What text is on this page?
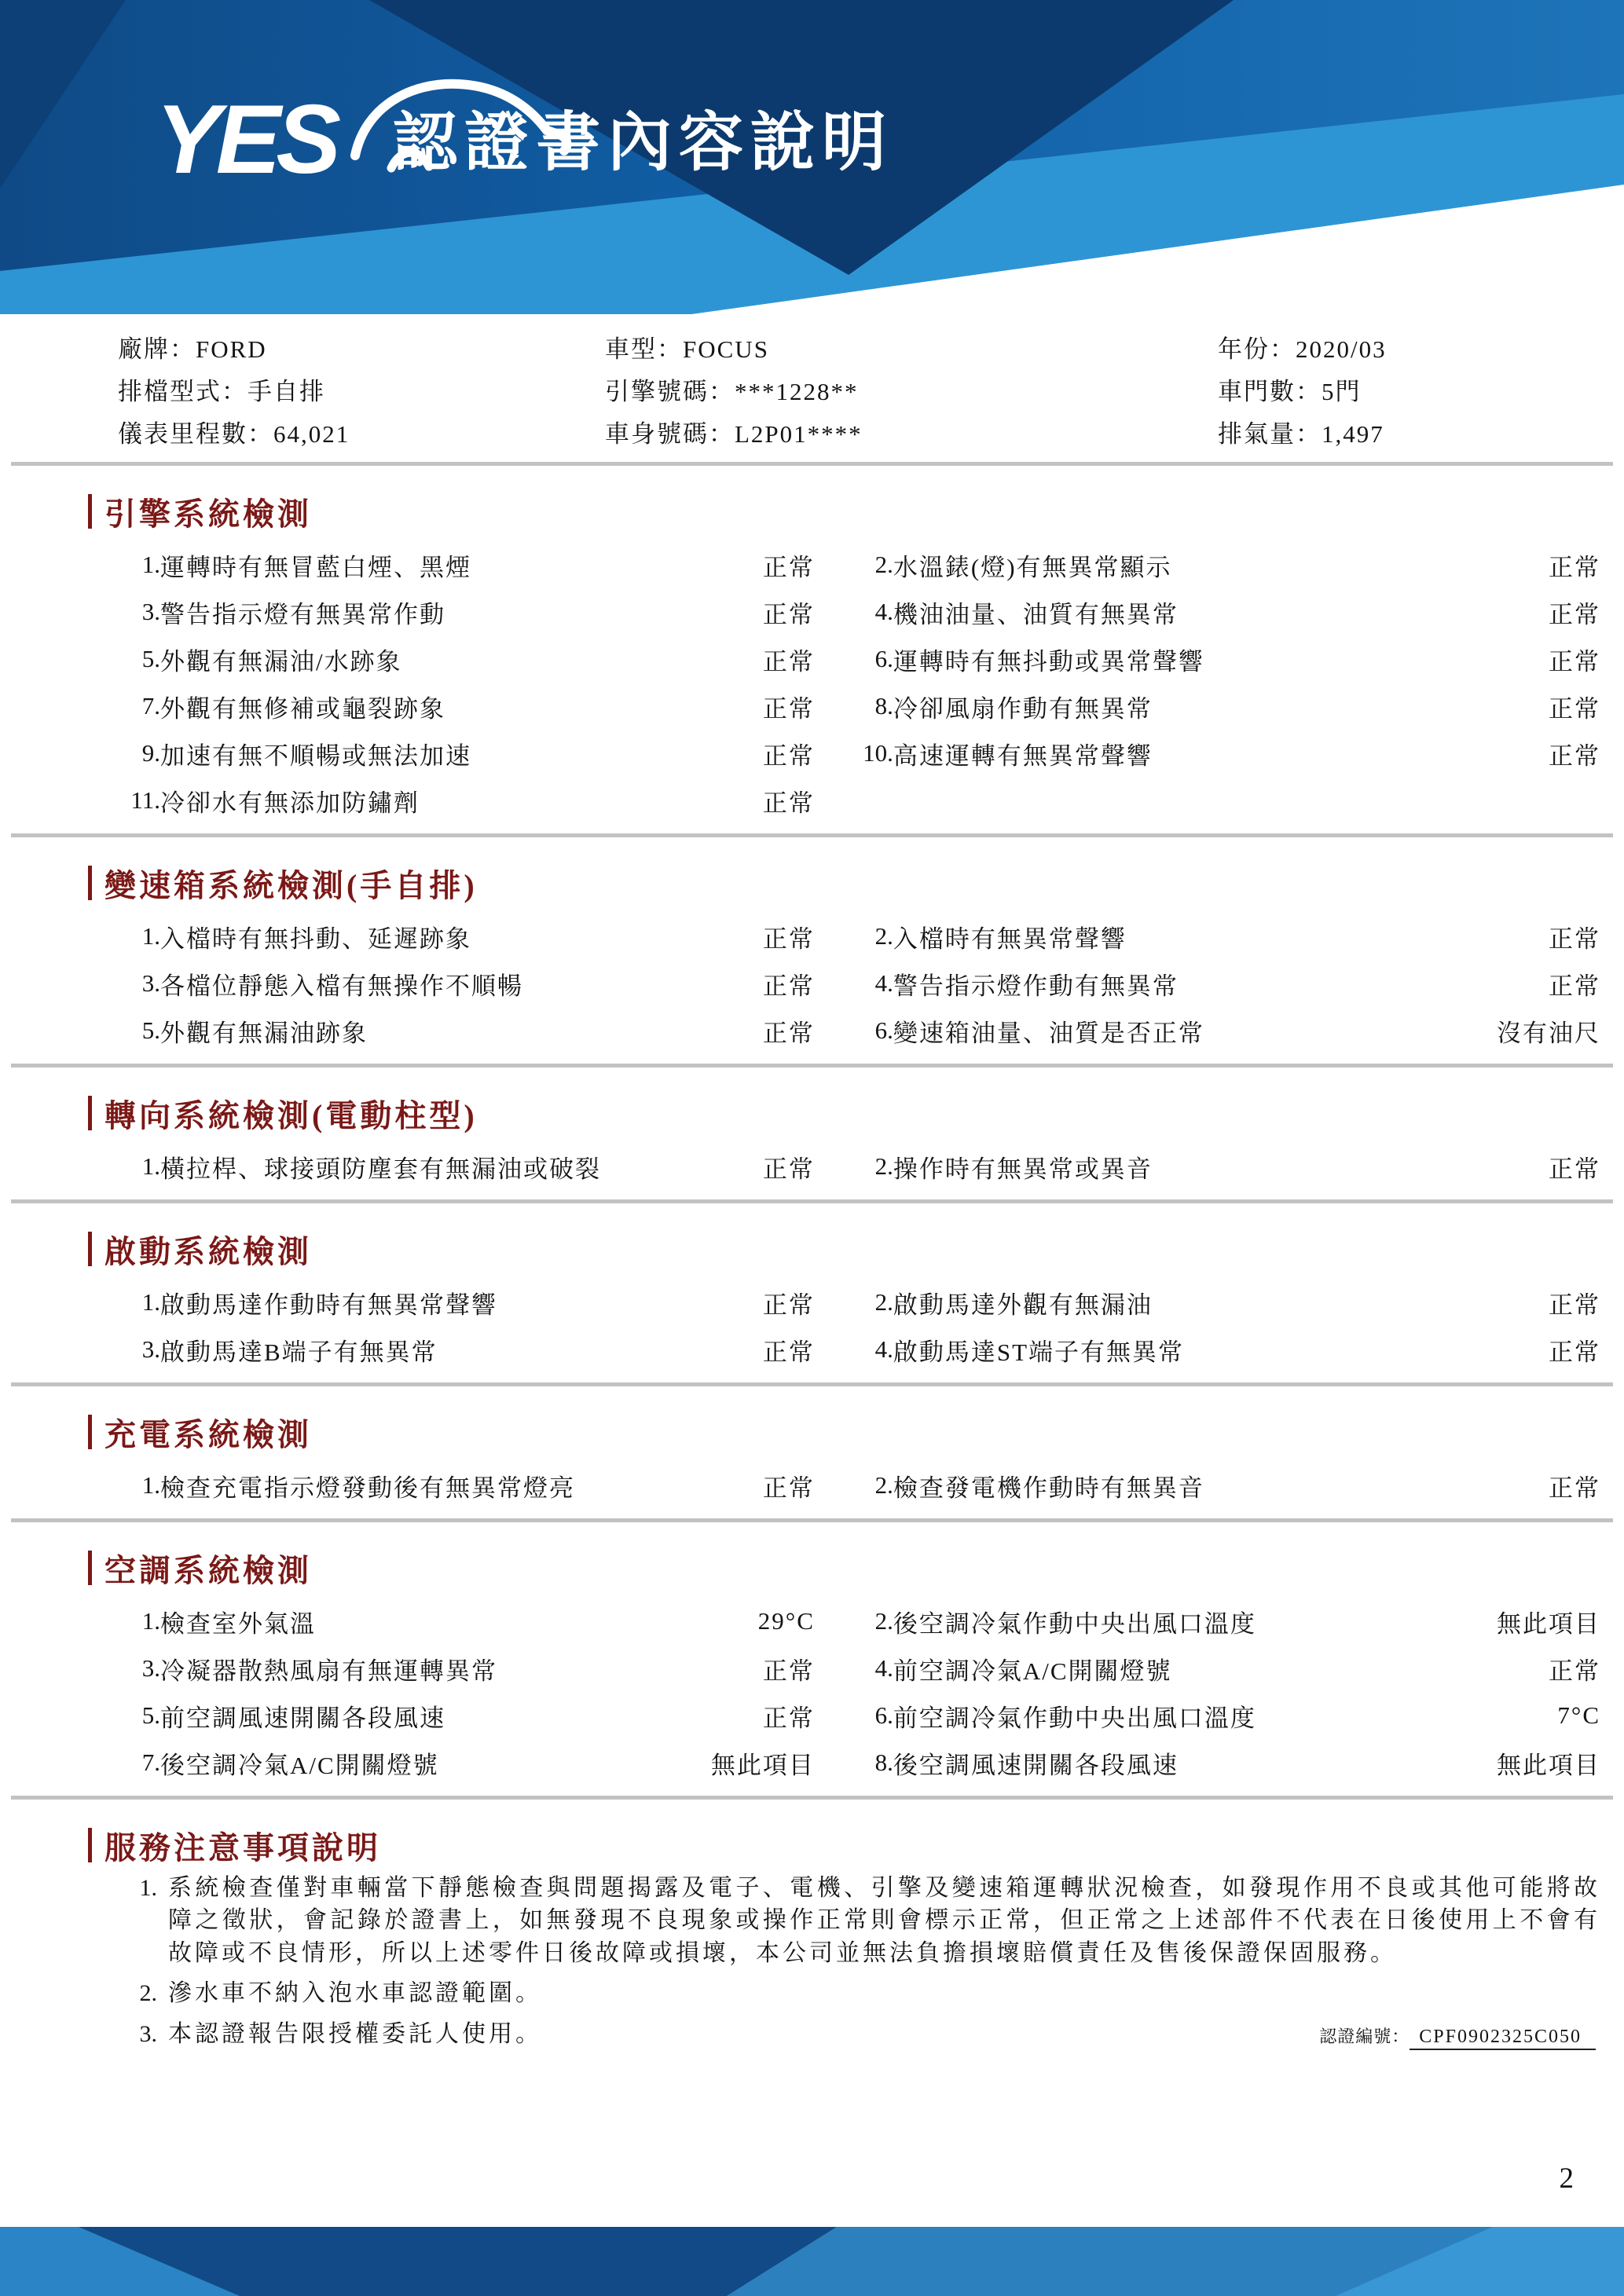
YES 認證書內容說明
廠牌：FORD	車型：FOCUS	年份：2020/03
排檔型式：手自排	引擎號碼：***1228**	車門數：5門
儀表里程數：64,021	車身號碼：L2P01****	排氣量：1,497
引擎系統檢測
1. 運轉時有無冒藍白煙、黑煙	正常	2. 水溫錶(燈)有無異常顯示	正常
3. 警告指示燈有無異常作動	正常	4. 機油油量、油質有無異常	正常
5. 外觀有無漏油/水跡象	正常	6. 運轉時有無抖動或異常聲響	正常
7. 外觀有無修補或龜裂跡象	正常	8. 冷卻風扇作動有無異常	正常
9. 加速有無不順暢或無法加速	正常	10. 高速運轉有無異常聲響	正常
11. 冷卻水有無添加防鏽劑	正常
變速箱系統檢測(手自排)
1. 入檔時有無抖動、延遲跡象	正常	2. 入檔時有無異常聲響	正常
3. 各檔位靜態入檔有無操作不順暢	正常	4. 警告指示燈作動有無異常	正常
5. 外觀有無漏油跡象	正常	6. 變速箱油量、油質是否正常	沒有油尺
轉向系統檢測(電動柱型)
1. 橫拉桿、球接頭防塵套有無漏油或破裂	正常	2. 操作時有無異常或異音	正常
啟動系統檢測
1. 啟動馬達作動時有無異常聲響	正常	2. 啟動馬達外觀有無漏油	正常
3. 啟動馬達B端子有無異常	正常	4. 啟動馬達ST端子有無異常	正常
充電系統檢測
1. 檢查充電指示燈發動後有無異常燈亮	正常	2. 檢查發電機作動時有無異音	正常
空調系統檢測
1. 檢查室外氣溫	29°C	2. 後空調冷氣作動中央出風口溫度	無此項目
3. 冷凝器散熱風扇有無運轉異常	正常	4. 前空調冷氣A/C開關燈號	正常
5. 前空調風速開關各段風速	正常	6. 前空調冷氣作動中央出風口溫度	7°C
7. 後空調冷氣A/C開關燈號	無此項目	8. 後空調風速開關各段風速	無此項目
服務注意事項說明
1. 系統檢查僅對車輛當下靜態檢查與問題揭露及電子、電機、引擎及變速箱運轉狀況檢查，如發現作用不良或其他可能將故障之徵狀，會記錄於證書上，如無發現不良現象或操作正常則會標示正常，但正常之上述部件不代表在日後使用上不會有故障或不良情形，所以上述零件日後故障或損壞，本公司並無法負擔損壞賠償責任及售後保證保固服務。
2. 滲水車不納入泡水車認證範圍。
3. 本認證報告限授權委託人使用。	認證編號： CPF0902325C050
2
